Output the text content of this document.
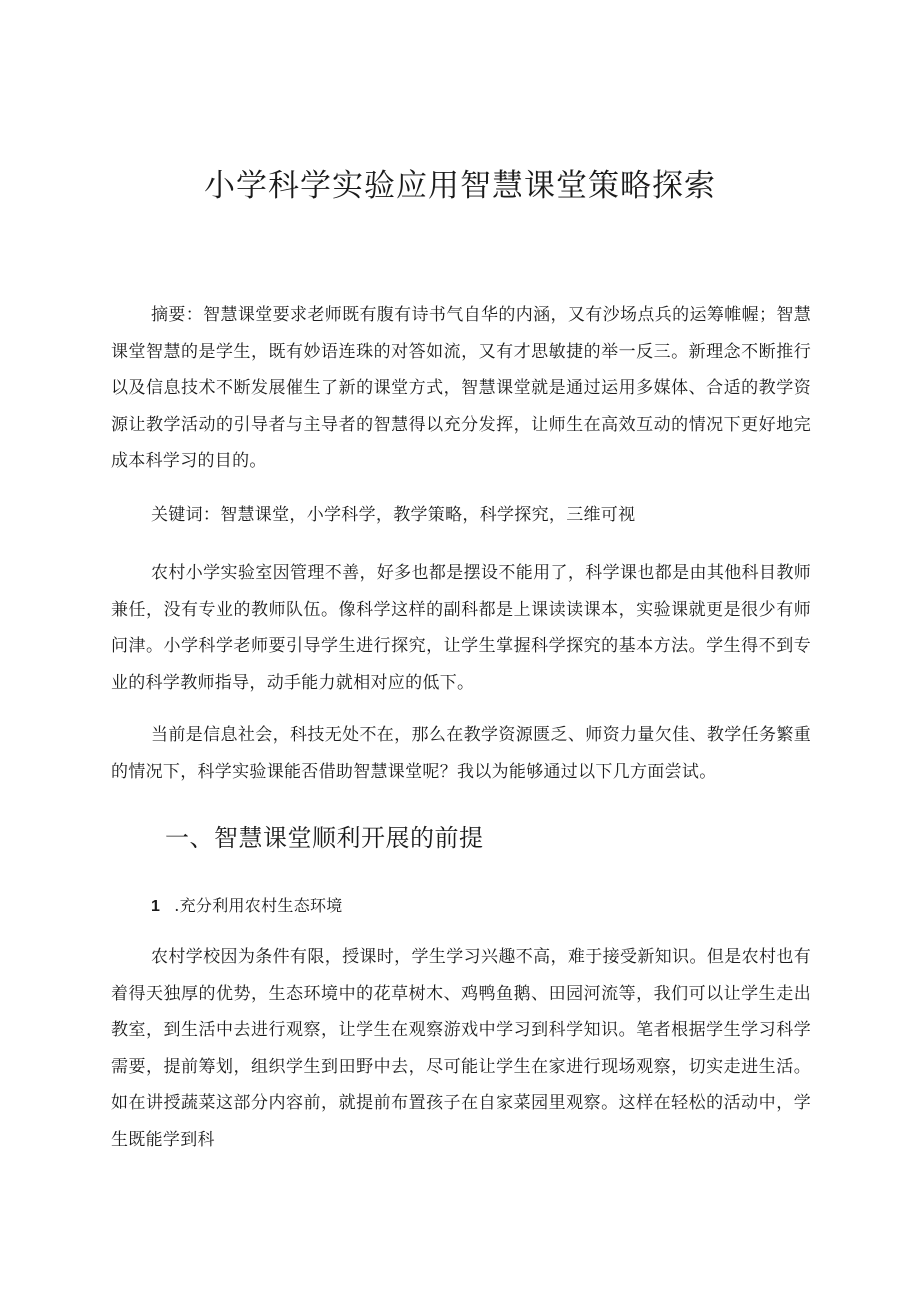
小学科学实验应用智慧课堂策略探索

摘要：智慧课堂要求老师既有腹有诗书气自华的内涵，又有沙场点兵的运筹帷幄；智慧课堂智慧的是学生，既有妙语连珠的对答如流，又有才思敏捷的举一反三。新理念不断推行以及信息技术不断发展催生了新的课堂方式，智慧课堂就是通过运用多媒体、合适的教学资源让教学活动的引导者与主导者的智慧得以充分发挥，让师生在高效互动的情况下更好地完成本科学习的目的。

关键词：智慧课堂，小学科学，教学策略，科学探究，三维可视

农村小学实验室因管理不善，好多也都是摆设不能用了，科学课也都是由其他科目教师兼任，没有专业的教师队伍。像科学这样的副科都是上课读读课本，实验课就更是很少有师问津。小学科学老师要引导学生进行探究，让学生掌握科学探究的基本方法。学生得不到专业的科学教师指导，动手能力就相对应的低下。

当前是信息社会，科技无处不在，那么在教学资源匮乏、师资力量欠佳、教学任务繁重的情况下，科学实验课能否借助智慧课堂呢？我以为能够通过以下几方面尝试。

一、智慧课堂顺利开展的前提
1 .充分利用农村生态环境

农村学校因为条件有限，授课时，学生学习兴趣不高，难于接受新知识。但是农村也有着得天独厚的优势，生态环境中的花草树木、鸡鸭鱼鹅、田园河流等，我们可以让学生走出教室，到生活中去进行观察，让学生在观察游戏中学习到科学知识。笔者根据学生学习科学需要，提前筹划，组织学生到田野中去，尽可能让学生在家进行现场观察，切实走进生活。如在讲授蔬菜这部分内容前，就提前布置孩子在自家菜园里观察。这样在轻松的活动中，学生既能学到科
